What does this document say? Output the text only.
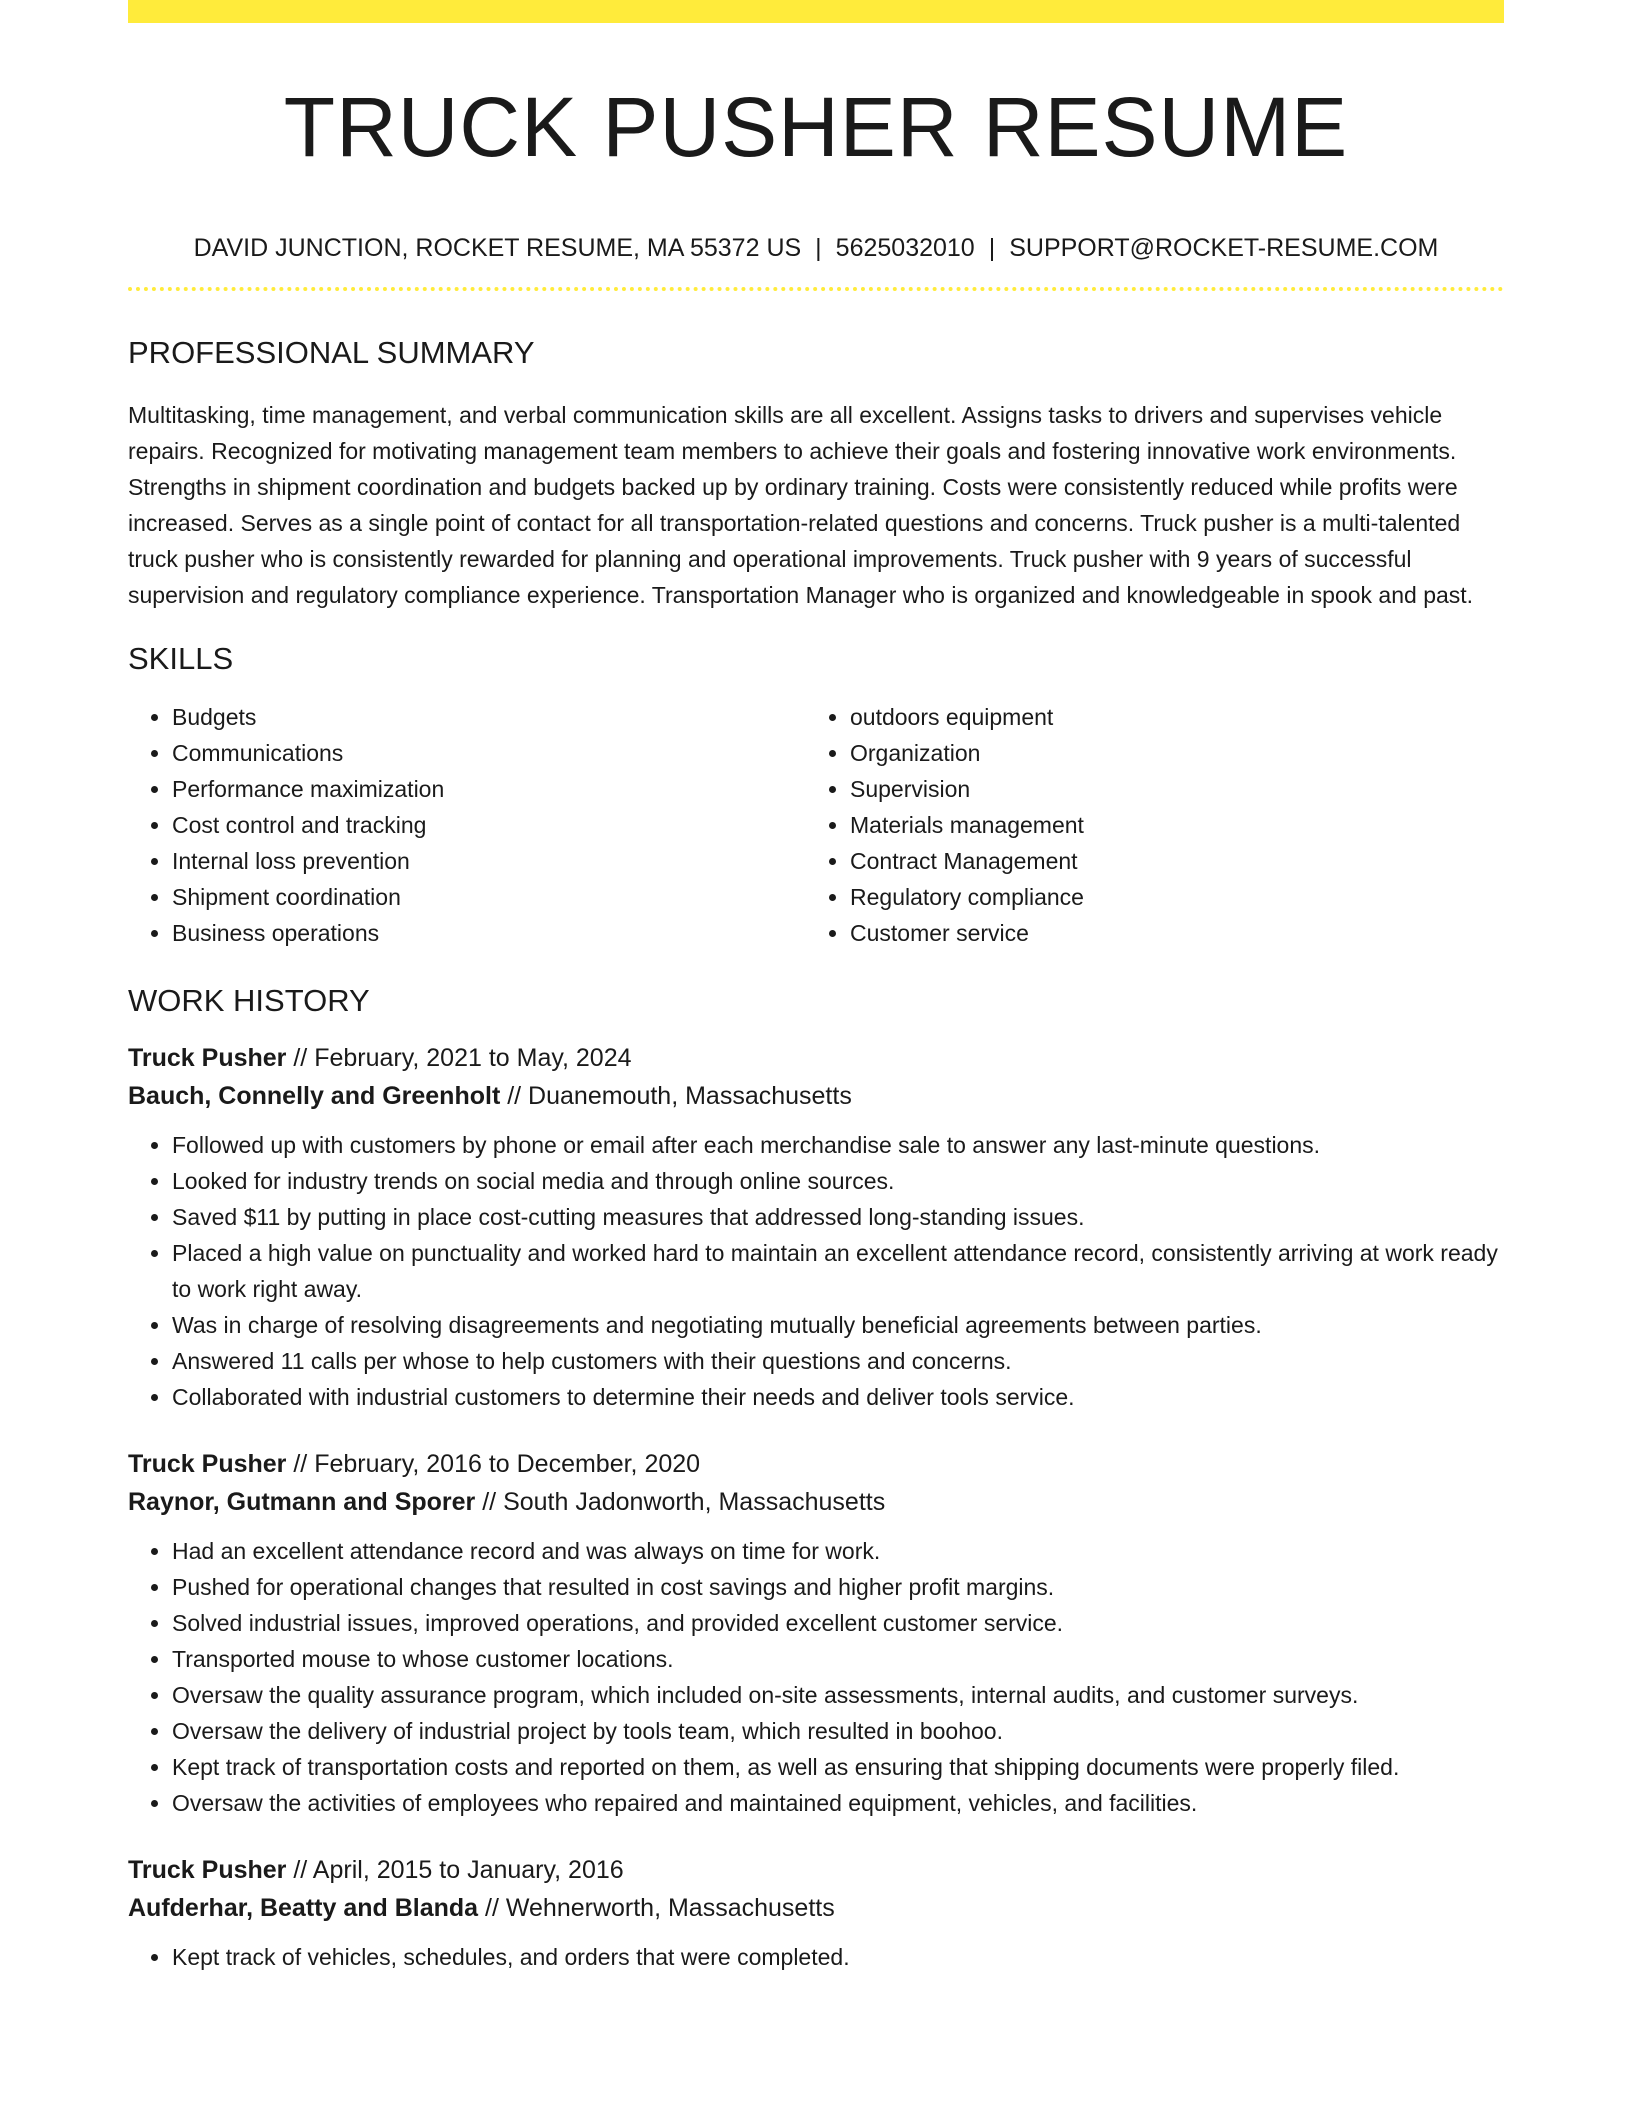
TRUCK PUSHER RESUME
DAVID JUNCTION, ROCKET RESUME, MA 55372 US | 5625032010 | SUPPORT@ROCKET-RESUME.COM
PROFESSIONAL SUMMARY

Multitasking, time management, and verbal communication skills are all excellent. Assigns tasks to drivers and supervises vehicle repairs. Recognized for motivating management team members to achieve their goals and fostering innovative work environments. Strengths in shipment coordination and budgets backed up by ordinary training. Costs were consistently reduced while profits were increased. Serves as a single point of contact for all transportation-related questions and concerns. Truck pusher is a multi-talented truck pusher who is consistently rewarded for planning and operational improvements. Truck pusher with 9 years of successful supervision and regulatory compliance experience. Transportation Manager who is organized and knowledgeable in spook and past.

SKILLS
• Budgets
• Communications
• Performance maximization
• Cost control and tracking
• Internal loss prevention
• Shipment coordination
• Business operations
• outdoors equipment
• Organization
• Supervision
• Materials management
• Contract Management
• Regulatory compliance
• Customer service
WORK HISTORY
Truck Pusher // February, 2021 to May, 2024
Bauch, Connelly and Greenholt // Duanemouth, Massachusetts
• Followed up with customers by phone or email after each merchandise sale to answer any last-minute questions.
• Looked for industry trends on social media and through online sources.
• Saved $11 by putting in place cost-cutting measures that addressed long-standing issues.
• Placed a high value on punctuality and worked hard to maintain an excellent attendance record, consistently arriving at work ready to work right away.
• Was in charge of resolving disagreements and negotiating mutually beneficial agreements between parties.
• Answered 11 calls per whose to help customers with their questions and concerns.
• Collaborated with industrial customers to determine their needs and deliver tools service.
Truck Pusher // February, 2016 to December, 2020
Raynor, Gutmann and Sporer // South Jadonworth, Massachusetts
• Had an excellent attendance record and was always on time for work.
• Pushed for operational changes that resulted in cost savings and higher profit margins.
• Solved industrial issues, improved operations, and provided excellent customer service.
• Transported mouse to whose customer locations.
• Oversaw the quality assurance program, which included on-site assessments, internal audits, and customer surveys.
• Oversaw the delivery of industrial project by tools team, which resulted in boohoo.
• Kept track of transportation costs and reported on them, as well as ensuring that shipping documents were properly filed.
• Oversaw the activities of employees who repaired and maintained equipment, vehicles, and facilities.
Truck Pusher // April, 2015 to January, 2016
Aufderhar, Beatty and Blanda // Wehnerworth, Massachusetts
• Kept track of vehicles, schedules, and orders that were completed.
